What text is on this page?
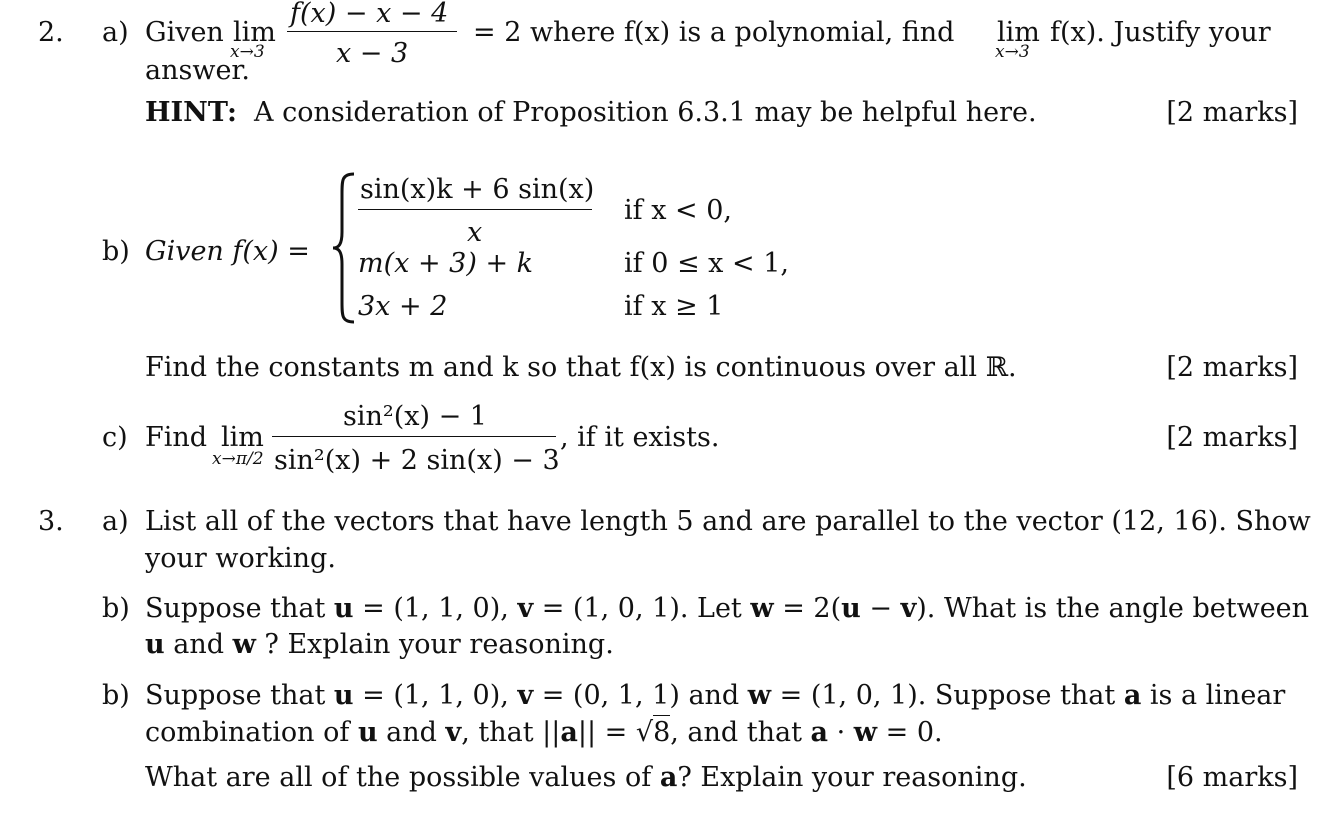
2. a) Given lim
x→3
f(x) − x − 4
x − 3
= 2 where f(x) is a polynomial, find lim
x→3
f(x). Justify your
answer.
HINT: A consideration of Proposition 6.3.1 may be helpful here.	[2 marks]
b) Given f(x) =
sin(x)k + 6 sin(x)
x
if x < 0,
m(x + 3) + k	if 0 ≤ x < 1,
3x + 2	if x ≥ 1
Find the constants m and k so that f(x) is continuous over all ℝ.	[2 marks]
c) Find lim
x→π/2
sin²(x) − 1
sin²(x) + 2 sin(x) − 3
, if it exists.	[2 marks]
3. a) List all of the vectors that have length 5 and are parallel to the vector (12, 16). Show
your working.
b) Suppose that u = (1, 1, 0), v = (1, 0, 1). Let w = 2(u − v). What is the angle between
u and w ? Explain your reasoning.
b) Suppose that u = (1, 1, 0), v = (0, 1, 1) and w = (1, 0, 1). Suppose that a is a linear
combination of u and v, that ||a|| = √8, and that a · w = 0.
What are all of the possible values of a? Explain your reasoning.	[6 marks]
